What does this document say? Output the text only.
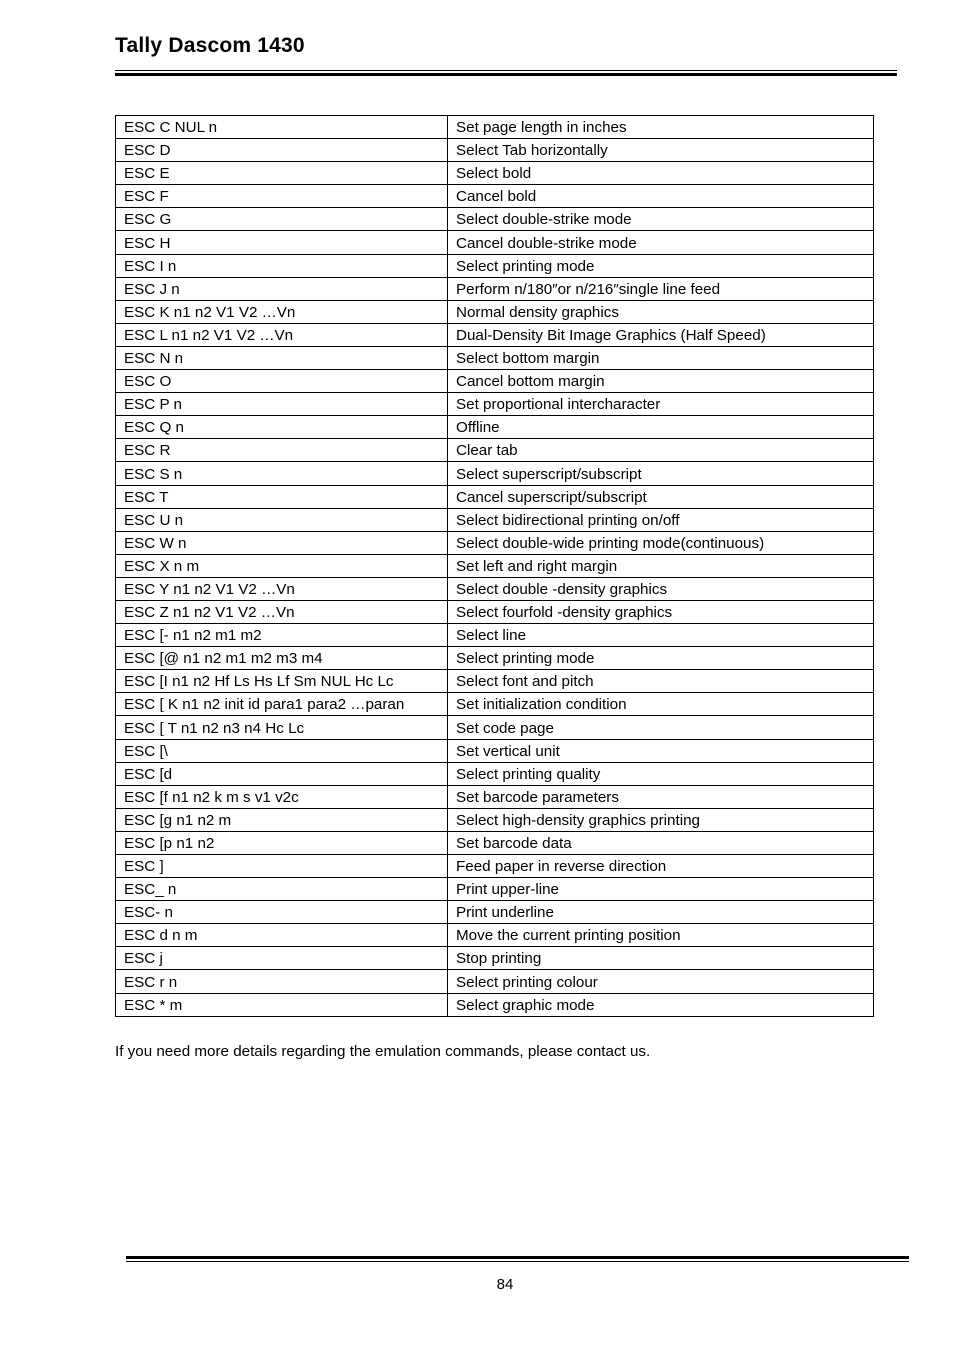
Tally Dascom 1430
ESC C NUL n	Set page length in inches
ESC D	Select Tab horizontally
ESC E	Select bold
ESC F	Cancel bold
ESC G	Select double-strike mode
ESC H	Cancel double-strike mode
ESC I n	Select printing mode
ESC J n	Perform n/180″or n/216″single line feed
ESC K n1 n2 V1 V2 …Vn	Normal density graphics
ESC L n1 n2 V1 V2 …Vn	Dual-Density Bit Image Graphics (Half Speed)
ESC N n	Select bottom margin
ESC O	Cancel bottom margin
ESC P n	Set proportional intercharacter
ESC Q n	Offline
ESC R	Clear tab
ESC S n	Select superscript/subscript
ESC T	Cancel superscript/subscript
ESC U n	Select bidirectional printing on/off
ESC W n	Select double-wide printing mode(continuous)
ESC X n m	Set left and right margin
ESC Y n1 n2 V1 V2 …Vn	Select double -density graphics
ESC Z n1 n2 V1 V2 …Vn	Select fourfold -density graphics
ESC [- n1 n2 m1 m2	Select line
ESC [@ n1 n2 m1 m2 m3 m4	Select printing mode
ESC [I n1 n2 Hf Ls Hs Lf Sm NUL Hc Lc	Select font and pitch
ESC [ K n1 n2 init id para1 para2 …paran	Set initialization condition
ESC [ T n1 n2 n3 n4 Hc Lc	Set code page
ESC [\	Set vertical unit
ESC [d	Select printing quality
ESC [f n1 n2 k m s v1 v2c	Set barcode parameters
ESC [g n1 n2 m	Select high-density graphics printing
ESC [p n1 n2	Set barcode data
ESC ]	Feed paper in reverse direction
ESC_ n	Print upper-line
ESC- n	Print underline
ESC d n m	Move the current printing position
ESC j	Stop printing
ESC r n	Select printing colour
ESC * m	Select graphic mode
If you need more details regarding the emulation commands, please contact us.
84
